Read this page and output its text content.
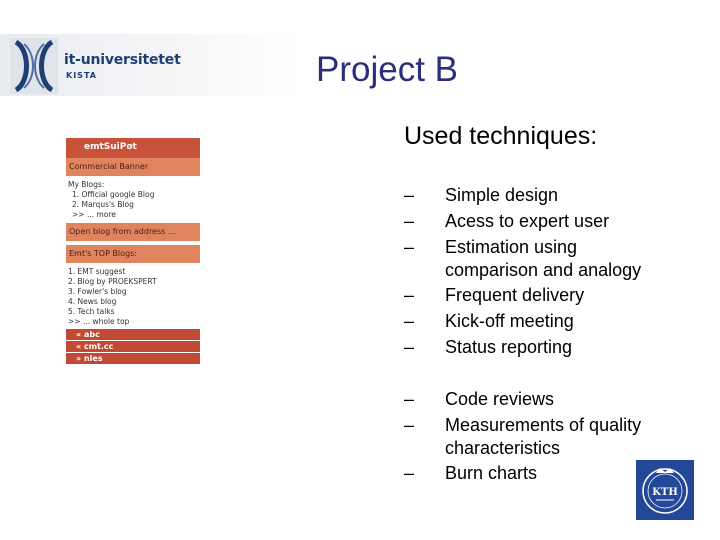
it-universitetet
KISTA	Project B
Used techniques:
– Simple design
– Acess to expert user
– Estimation using comparison and analogy
– Frequent delivery
– Kick-off meeting
– Status reporting
– Code reviews
– Measurements of quality characteristics
– Burn charts
emtSuiPot
Commercial Banner
My Blogs:
1. Official google Blog
2. Marqus's Blog
>> ... more
Open blog from address ...
Emt's TOP Blogs:
1. EMT suggest
2. Blog by PROEKSPERT
3. Fowler's blog
4. News blog
5. Tech talks
>> ... whole top
« abc
« cmt.cc
» nles
KTH
